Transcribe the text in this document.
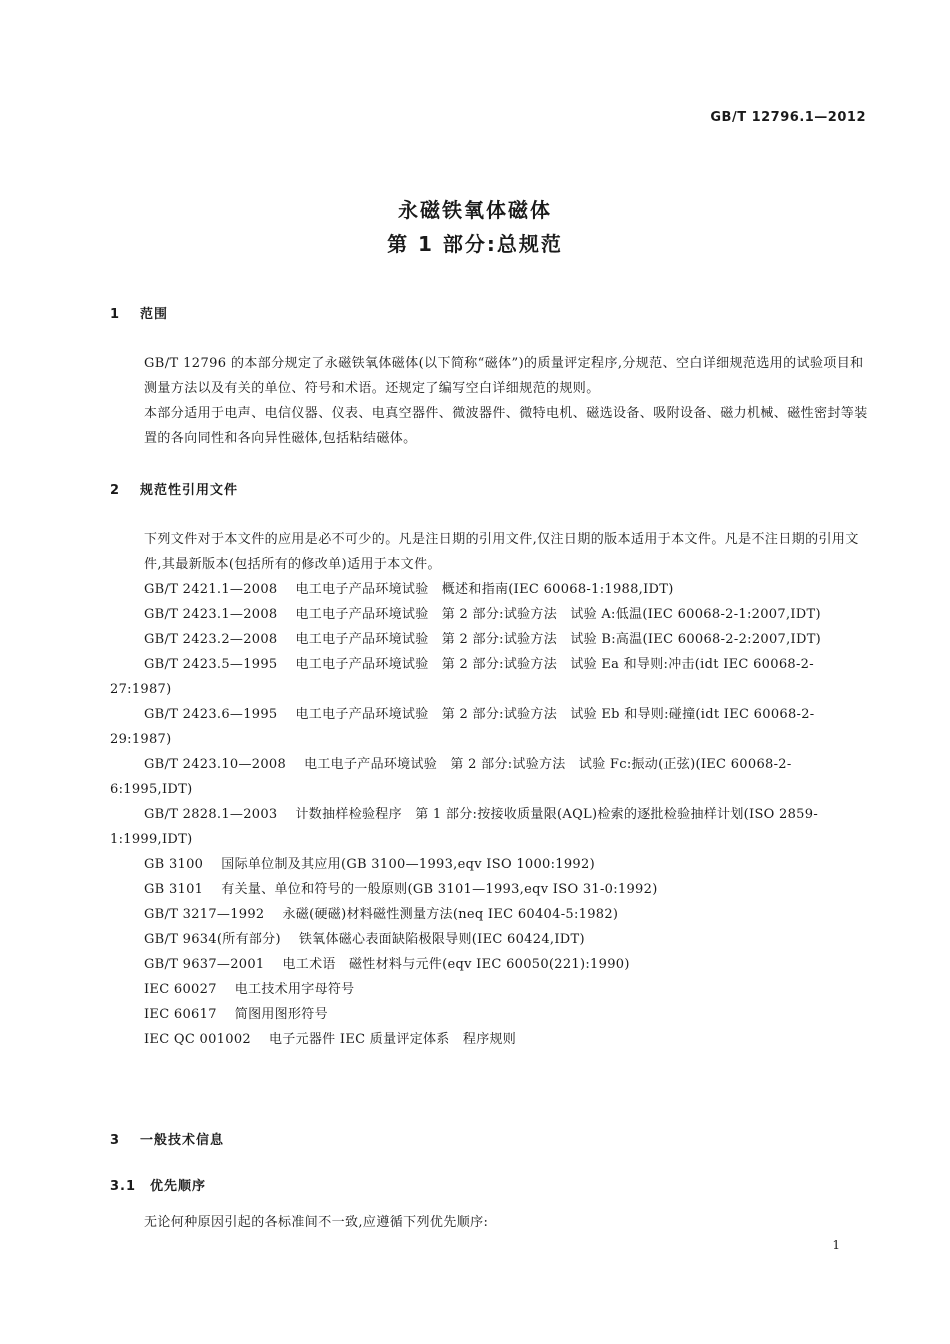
GB/T 12796.1—2012
永磁铁氧体磁体
第 1 部分:总规范
1 范围
GB/T 12796 的本部分规定了永磁铁氧体磁体(以下简称“磁体”)的质量评定程序,分规范、空白详细规范选用的试验项目和测量方法以及有关的单位、符号和术语。还规定了编写空白详细规范的规则。
本部分适用于电声、电信仪器、仪表、电真空器件、微波器件、微特电机、磁选设备、吸附设备、磁力机械、磁性密封等装置的各向同性和各向异性磁体,包括粘结磁体。
2 规范性引用文件
下列文件对于本文件的应用是必不可少的。凡是注日期的引用文件,仅注日期的版本适用于本文件。凡是不注日期的引用文件,其最新版本(包括所有的修改单)适用于本文件。

GB/T 2421.1—2008 电工电子产品环境试验　概述和指南(IEC 60068-1:1988,IDT)

GB/T 2423.1—2008 电工电子产品环境试验　第 2 部分:试验方法　试验 A:低温(IEC 60068-2-1:2007,IDT)

GB/T 2423.2—2008 电工电子产品环境试验　第 2 部分:试验方法　试验 B:高温(IEC 60068-2-2:2007,IDT)

GB/T 2423.5—1995 电工电子产品环境试验　第 2 部分:试验方法　试验 Ea 和导则:冲击(idt IEC 60068-2-27:1987)

GB/T 2423.6—1995 电工电子产品环境试验　第 2 部分:试验方法　试验 Eb 和导则:碰撞(idt IEC 60068-2-29:1987)

GB/T 2423.10—2008 电工电子产品环境试验　第 2 部分:试验方法　试验 Fc:振动(正弦)(IEC 60068-2-6:1995,IDT)

GB/T 2828.1—2003 计数抽样检验程序　第 1 部分:按接收质量限(AQL)检索的逐批检验抽样计划(ISO 2859-1:1999,IDT)

GB 3100 国际单位制及其应用(GB 3100—1993,eqv ISO 1000:1992)

GB 3101 有关量、单位和符号的一般原则(GB 3101—1993,eqv ISO 31-0:1992)

GB/T 3217—1992 永磁(硬磁)材料磁性测量方法(neq IEC 60404-5:1982)

GB/T 9634(所有部分) 铁氧体磁心表面缺陷极限导则(IEC 60424,IDT)

GB/T 9637—2001 电工术语　磁性材料与元件(eqv IEC 60050(221):1990)

IEC 60027 电工技术用字母符号

IEC 60617 简图用图形符号

IEC QC 001002 电子元器件 IEC 质量评定体系　程序规则

3 一般技术信息
3.1 优先顺序
无论何种原因引起的各标准间不一致,应遵循下列优先顺序:
1
